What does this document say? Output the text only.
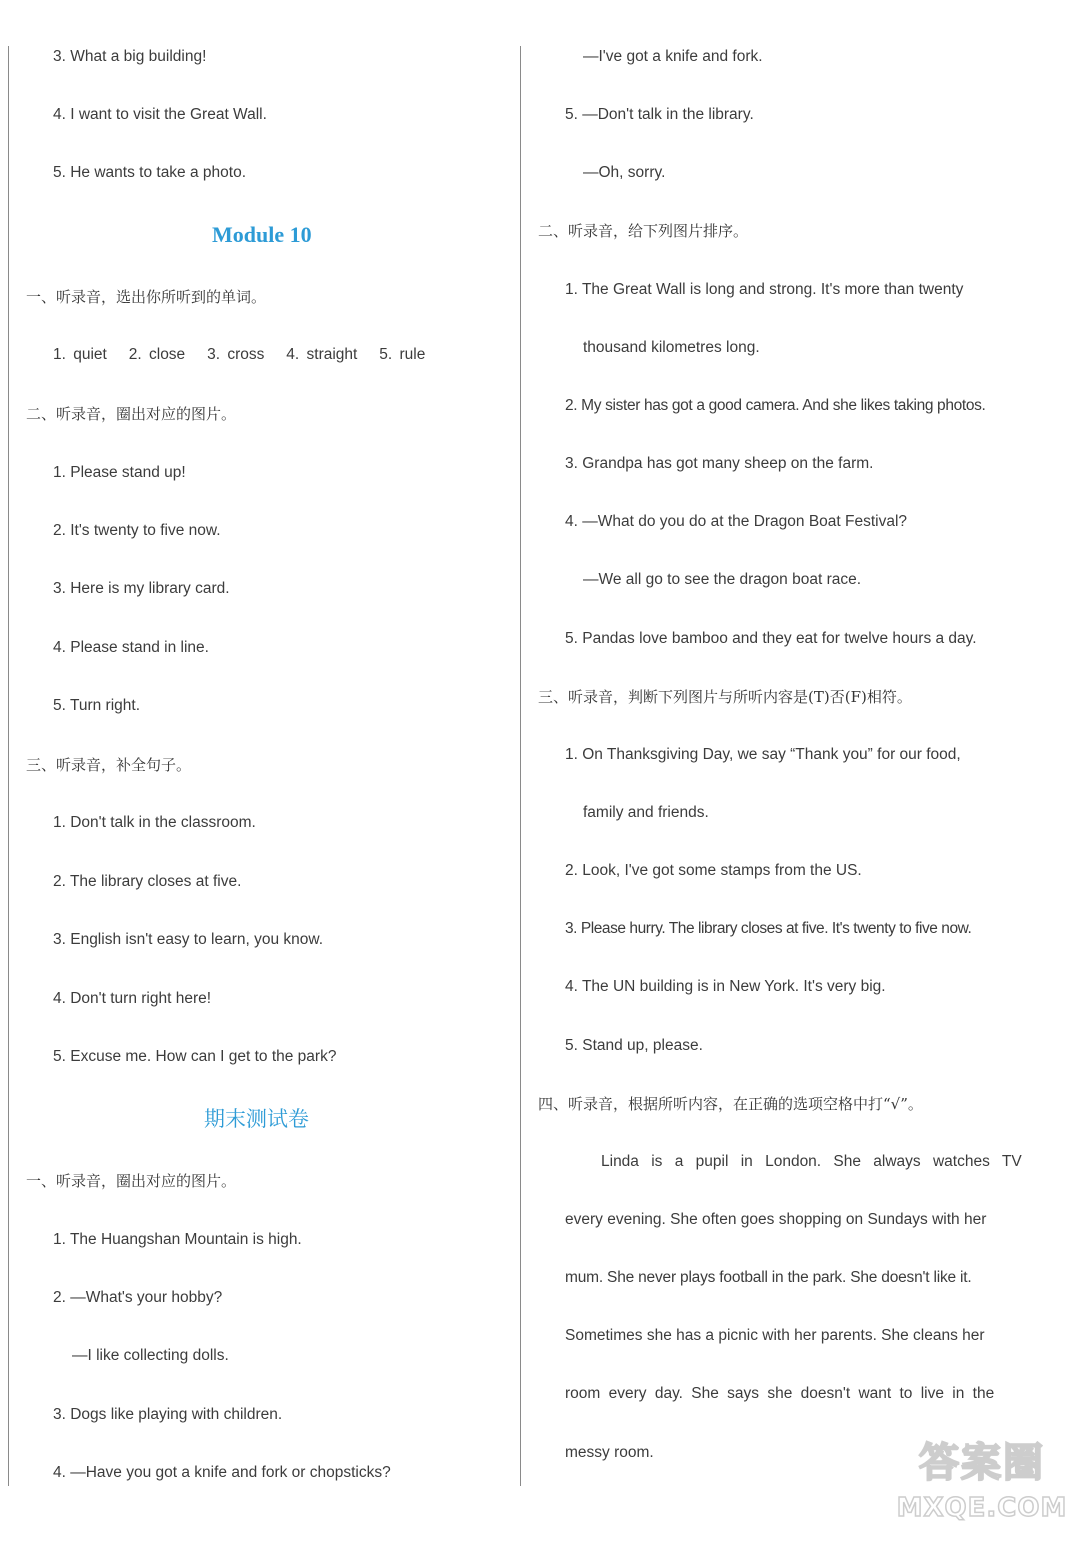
3. What a big building!
4. I want to visit the Great Wall.
5. He wants to take a photo.
Module 10
一、听录音，选出你所听到的单词。
1. quiet   2. close   3. cross   4. straight   5. rule
二、听录音，圈出对应的图片。
1. Please stand up!
2. It's twenty to five now.
3. Here is my library card.
4. Please stand in line.
5. Turn right.
三、听录音，补全句子。
1. Don't talk in the classroom.
2. The library closes at five.
3. English isn't easy to learn, you know.
4. Don't turn right here!
5. Excuse me. How can I get to the park?
期末测试卷
一、听录音，圈出对应的图片。
1. The Huangshan Mountain is high.
2. —What's your hobby?
—I like collecting dolls.
3. Dogs like playing with children.
4. —Have you got a knife and fork or chopsticks?
—I've got a knife and fork.
5. —Don't talk in the library.
—Oh, sorry.
二、听录音，给下列图片排序。
1. The Great Wall is long and strong. It's more than twenty
thousand kilometres long.
2. My sister has got a good camera. And she likes taking photos.
3. Grandpa has got many sheep on the farm.
4. —What do you do at the Dragon Boat Festival?
—We all go to see the dragon boat race.
5. Pandas love bamboo and they eat for twelve hours a day.
三、听录音，判断下列图片与所听内容是(T)否(F)相符。
1. On Thanksgiving Day, we say “Thank you” for our food,
family and friends.
2. Look, I've got some stamps from the US.
3. Please hurry. The library closes at five. It's twenty to five now.
4. The UN building is in New York. It's very big.
5. Stand up, please.
四、听录音，根据所听内容，在正确的选项空格中打“√”。
Linda is a pupil in London. She always watches TV
every evening. She often goes shopping on Sundays with her
mum. She never plays football in the park. She doesn't like it.
Sometimes she has a picnic with her parents. She cleans her
room every day. She says she doesn't want to live in the
messy room.	答案圈
MXQE.COM
